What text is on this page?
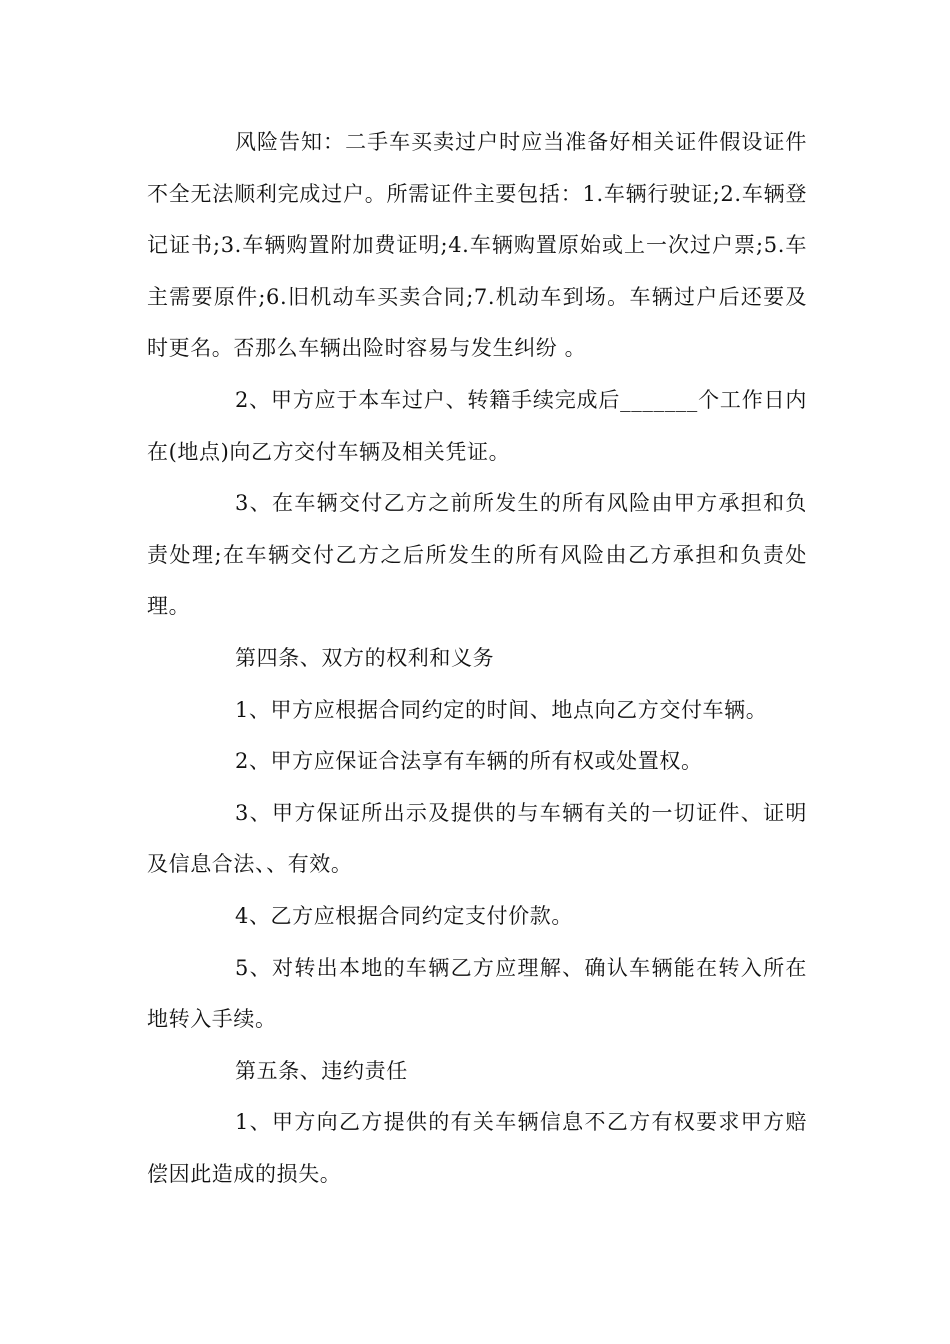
风险告知：二手车买卖过户时应当准备好相关证件假设证件不全无法顺利完成过户。所需证件主要包括：1.车辆行驶证;2.车辆登记证书;3.车辆购置附加费证明;4.车辆购置原始或上一次过户票;5.车主需要原件;6.旧机动车买卖合同;7.机动车到场。车辆过户后还要及时更名。否那么车辆出险时容易与发生纠纷 。

2、甲方应于本车过户、转籍手续完成后_______个工作日内在(地点)向乙方交付车辆及相关凭证。

3、在车辆交付乙方之前所发生的所有风险由甲方承担和负责处理;在车辆交付乙方之后所发生的所有风险由乙方承担和负责处理。

第四条、双方的权利和义务

1、甲方应根据合同约定的时间、地点向乙方交付车辆。

2、甲方应保证合法享有车辆的所有权或处置权。

3、甲方保证所出示及提供的与车辆有关的一切证件、证明及信息合法、、有效。

4、乙方应根据合同约定支付价款。

5、对转出本地的车辆乙方应理解、确认车辆能在转入所在地转入手续。

第五条、违约责任

1、甲方向乙方提供的有关车辆信息不乙方有权要求甲方赔偿因此造成的损失。
